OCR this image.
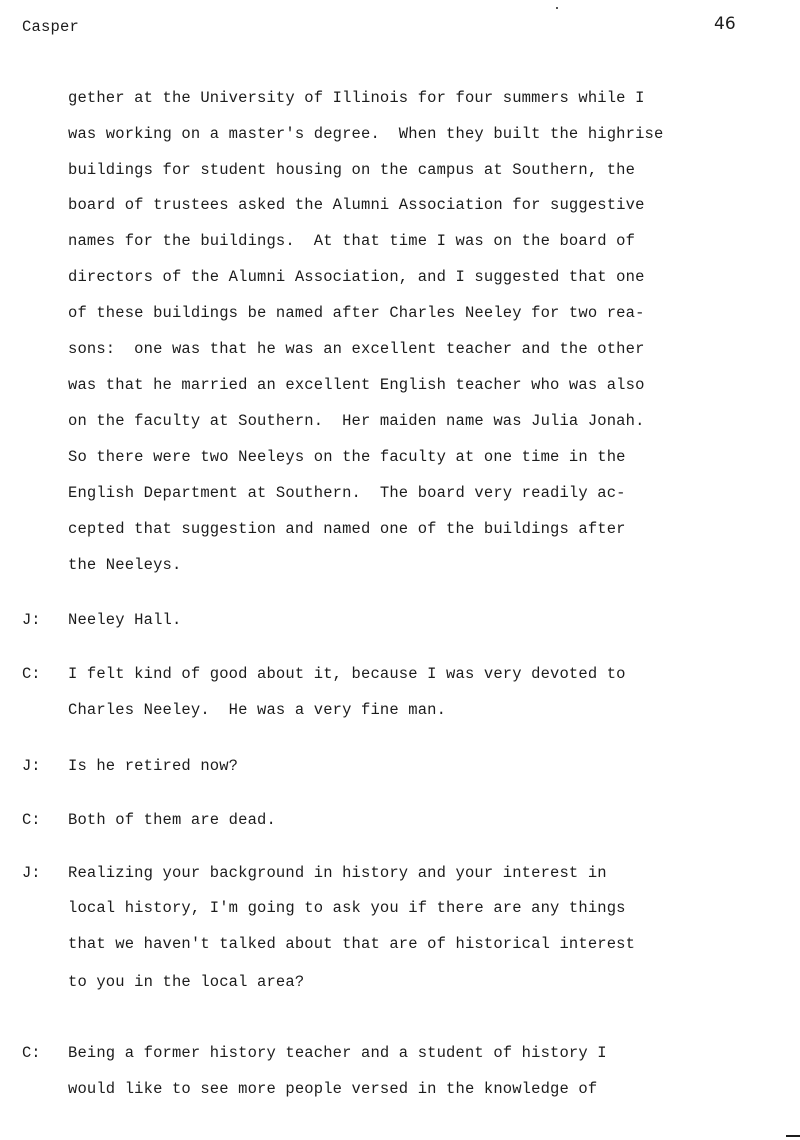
Casper	46
gether at the University of Illinois for four summers while I
was working on a master's degree.  When they built the highrise
buildings for student housing on the campus at Southern, the
board of trustees asked the Alumni Association for suggestive
names for the buildings.  At that time I was on the board of
directors of the Alumni Association, and I suggested that one
of these buildings be named after Charles Neeley for two rea-
sons:  one was that he was an excellent teacher and the other
was that he married an excellent English teacher who was also
on the faculty at Southern.  Her maiden name was Julia Jonah.
So there were two Neeleys on the faculty at one time in the
English Department at Southern.  The board very readily ac-
cepted that suggestion and named one of the buildings after
the Neeleys.
J: Neeley Hall.
C: I felt kind of good about it, because I was very devoted to
Charles Neeley.  He was a very fine man.
J: Is he retired now?
C: Both of them are dead.
J: Realizing your background in history and your interest in
local history, I'm going to ask you if there are any things
that we haven't talked about that are of historical interest
to you in the local area?
C: Being a former history teacher and a student of history I
would like to see more people versed in the knowledge of
